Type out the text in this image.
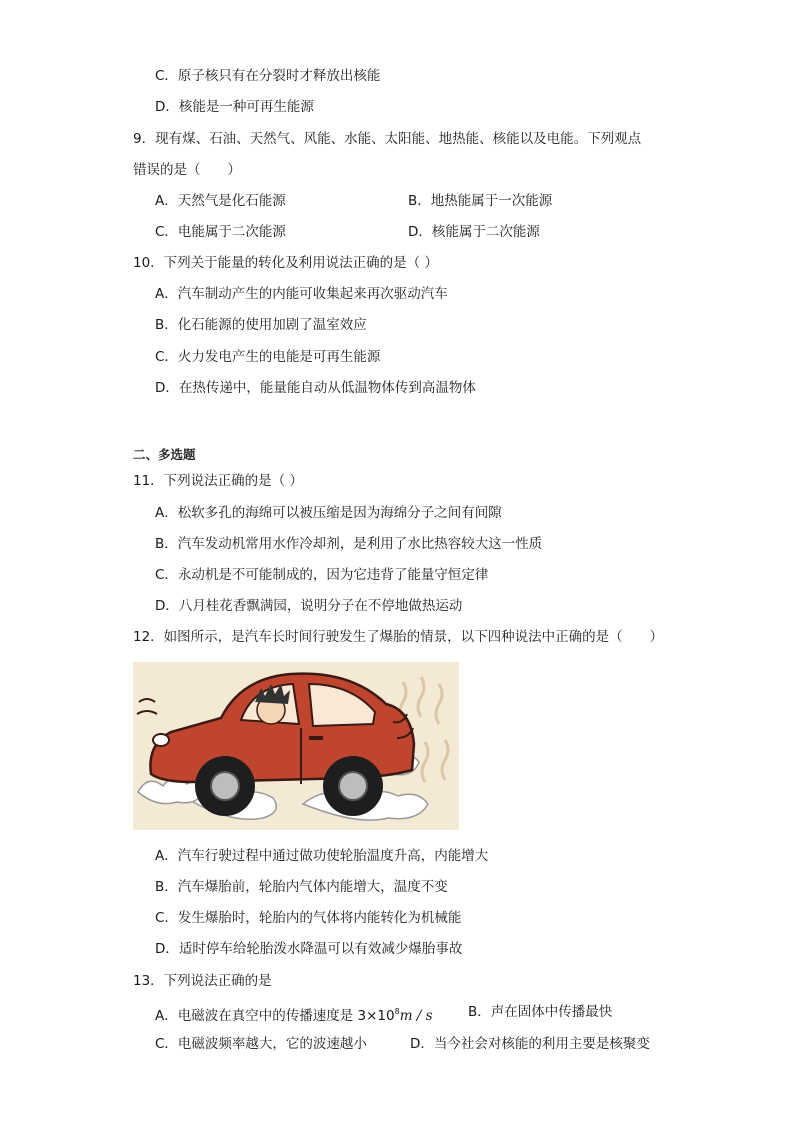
C．原子核只有在分裂时才释放出核能
D．核能是一种可再生能源
9．现有煤、石油、天然气、风能、水能、太阳能、地热能、核能以及电能。下列观点
错误的是（　　）
A．天然气是化石能源	B．地热能属于一次能源
C．电能属于二次能源	D．核能属于二次能源
10．下列关于能量的转化及利用说法正确的是（ ）
A．汽车制动产生的内能可收集起来再次驱动汽车
B．化石能源的使用加剧了温室效应
C．火力发电产生的电能是可再生能源
D．在热传递中，能量能自动从低温物体传到高温物体
二、多选题
11．下列说法正确的是（ ）
A．松软多孔的海绵可以被压缩是因为海绵分子之间有间隙
B．汽车发动机常用水作冷却剂，是利用了水比热容较大这一性质
C．永动机是不可能制成的，因为它违背了能量守恒定律
D．八月桂花香飘满园，说明分子在不停地做热运动
12．如图所示，是汽车长时间行驶发生了爆胎的情景，以下四种说法中正确的是（　　）
A．汽车行驶过程中通过做功使轮胎温度升高，内能增大
B．汽车爆胎前，轮胎内气体内能增大，温度不变
C．发生爆胎时，轮胎内的气体将内能转化为机械能
D．适时停车给轮胎泼水降温可以有效减少爆胎事故
13．下列说法正确的是
A．电磁波在真空中的传播速度是 $3\times 10^8m / s$	B．声在固体中传播最快
C．电磁波频率越大，它的波速越小	D．当今社会对核能的利用主要是核聚变
